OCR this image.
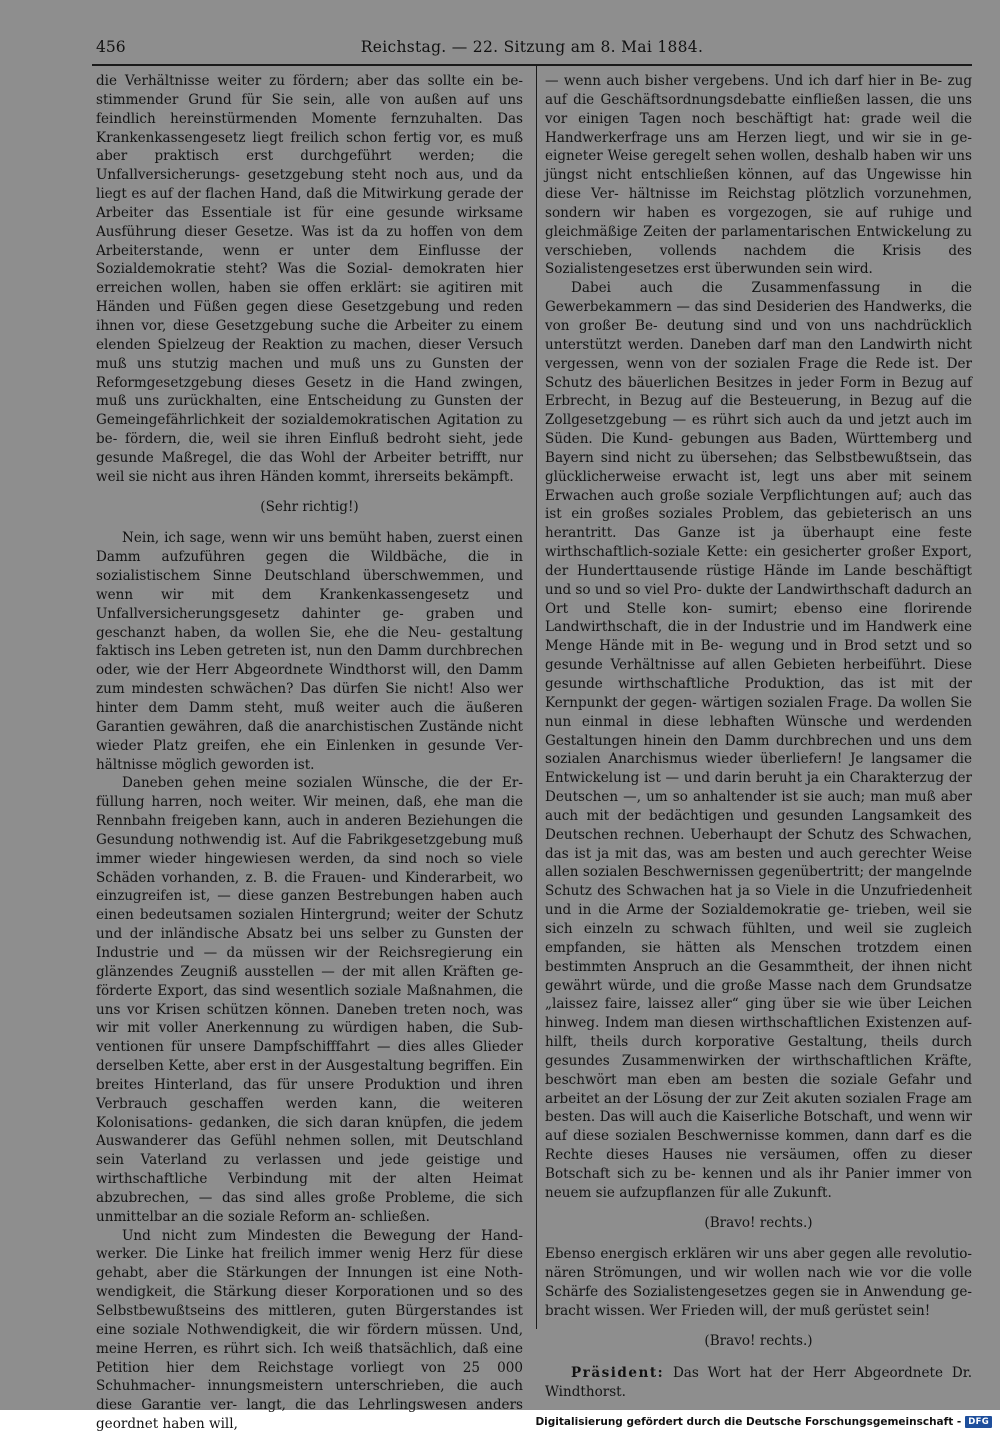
456	Reichstag. — 22. Sitzung am 8. Mai 1884.

die Verhältnisse weiter zu fördern; aber das sollte ein be- stimmender Grund für Sie sein, alle von außen auf uns feindlich hereinstürmenden Momente fernzuhalten. Das Krankenkassengesetz liegt freilich schon fertig vor, es muß aber praktisch erst durchgeführt werden; die Unfallversicherungs- gesetzgebung steht noch aus, und da liegt es auf der flachen Hand, daß die Mitwirkung gerade der Arbeiter das Essentiale ist für eine gesunde wirksame Ausführung dieser Gesetze. Was ist da zu hoffen von dem Arbeiterstande, wenn er unter dem Einflusse der Sozialdemokratie steht? Was die Sozial- demokraten hier erreichen wollen, haben sie offen erklärt: sie agitiren mit Händen und Füßen gegen diese Gesetzgebung und reden ihnen vor, diese Gesetzgebung suche die Arbeiter zu einem elenden Spielzeug der Reaktion zu machen, dieser Versuch muß uns stutzig machen und muß uns zu Gunsten der Reformgesetzgebung dieses Gesetz in die Hand zwingen, muß uns zurückhalten, eine Entscheidung zu Gunsten der Gemeingefährlichkeit der sozialdemokratischen Agitation zu be- fördern, die, weil sie ihren Einfluß bedroht sieht, jede gesunde Maßregel, die das Wohl der Arbeiter betrifft, nur weil sie nicht aus ihren Händen kommt, ihrerseits bekämpft.

(Sehr richtig!)

Nein, ich sage, wenn wir uns bemüht haben, zuerst einen Damm aufzuführen gegen die Wildbäche, die in sozialistischem Sinne Deutschland überschwemmen, und wenn wir mit dem Krankenkassengesetz und Unfallversicherungsgesetz dahinter ge- graben und geschanzt haben, da wollen Sie, ehe die Neu- gestaltung faktisch ins Leben getreten ist, nun den Damm durchbrechen oder, wie der Herr Abgeordnete Windthorst will, den Damm zum mindesten schwächen? Das dürfen Sie nicht! Also wer hinter dem Damm steht, muß weiter auch die äußeren Garantien gewähren, daß die anarchistischen Zustände nicht wieder Platz greifen, ehe ein Einlenken in gesunde Ver- hältnisse möglich geworden ist.

Daneben gehen meine sozialen Wünsche, die der Er- füllung harren, noch weiter. Wir meinen, daß, ehe man die Rennbahn freigeben kann, auch in anderen Beziehungen die Gesundung nothwendig ist. Auf die Fabrikgesetzgebung muß immer wieder hingewiesen werden, da sind noch so viele Schäden vorhanden, z. B. die Frauen- und Kinderarbeit, wo einzugreifen ist, — diese ganzen Bestrebungen haben auch einen bedeutsamen sozialen Hintergrund; weiter der Schutz und der inländische Absatz bei uns selber zu Gunsten der Industrie und — da müssen wir der Reichsregierung ein glänzendes Zeugniß ausstellen — der mit allen Kräften ge- förderte Export, das sind wesentlich soziale Maßnahmen, die uns vor Krisen schützen können. Daneben treten noch, was wir mit voller Anerkennung zu würdigen haben, die Sub- ventionen für unsere Dampfschifffahrt — dies alles Glieder derselben Kette, aber erst in der Ausgestaltung begriffen. Ein breites Hinterland, das für unsere Produktion und ihren Verbrauch geschaffen werden kann, die weiteren Kolonisations- gedanken, die sich daran knüpfen, die jedem Auswanderer das Gefühl nehmen sollen, mit Deutschland sein Vaterland zu verlassen und jede geistige und wirthschaftliche Verbindung mit der alten Heimat abzubrechen, — das sind alles große Probleme, die sich unmittelbar an die soziale Reform an- schließen.

Und nicht zum Mindesten die Bewegung der Hand- werker. Die Linke hat freilich immer wenig Herz für diese gehabt, aber die Stärkungen der Innungen ist eine Noth- wendigkeit, die Stärkung dieser Korporationen und so des Selbstbewußtseins des mittleren, guten Bürgerstandes ist eine soziale Nothwendigkeit, die wir fördern müssen. Und, meine Herren, es rührt sich. Ich weiß thatsächlich, daß eine Petition hier dem Reichstage vorliegt von 25 000 Schuhmacher- innungsmeistern unterschrieben, die auch diese Garantie ver- langt, die das Lehrlingswesen anders geordnet haben will,

— wenn auch bisher vergebens. Und ich darf hier in Be- zug auf die Geschäftsordnungsdebatte einfließen lassen, die uns vor einigen Tagen noch beschäftigt hat: grade weil die Handwerkerfrage uns am Herzen liegt, und wir sie in ge- eigneter Weise geregelt sehen wollen, deshalb haben wir uns jüngst nicht entschließen können, auf das Ungewisse hin diese Ver- hältnisse im Reichstag plötzlich vorzunehmen, sondern wir haben es vorgezogen, sie auf ruhige und gleichmäßige Zeiten der parlamentarischen Entwickelung zu verschieben, vollends nachdem die Krisis des Sozialistengesetzes erst überwunden sein wird.

Dabei auch die Zusammenfassung in die Gewerbekammern — das sind Desiderien des Handwerks, die von großer Be- deutung sind und von uns nachdrücklich unterstützt werden. Daneben darf man den Landwirth nicht vergessen, wenn von der sozialen Frage die Rede ist. Der Schutz des bäuerlichen Besitzes in jeder Form in Bezug auf Erbrecht, in Bezug auf die Besteuerung, in Bezug auf die Zollgesetzgebung — es rührt sich auch da und jetzt auch im Süden. Die Kund- gebungen aus Baden, Württemberg und Bayern sind nicht zu übersehen; das Selbstbewußtsein, das glücklicherweise erwacht ist, legt uns aber mit seinem Erwachen auch große soziale Verpflichtungen auf; auch das ist ein großes soziales Problem, das gebieterisch an uns herantritt. Das Ganze ist ja überhaupt eine feste wirthschaftlich-soziale Kette: ein gesicherter großer Export, der Hunderttausende rüstige Hände im Lande beschäftigt und so und so viel Pro- dukte der Landwirthschaft dadurch an Ort und Stelle kon- sumirt; ebenso eine florirende Landwirthschaft, die in der Industrie und im Handwerk eine Menge Hände mit in Be- wegung und in Brod setzt und so gesunde Verhältnisse auf allen Gebieten herbeiführt. Diese gesunde wirthschaftliche Produktion, das ist mit der Kernpunkt der gegen- wärtigen sozialen Frage. Da wollen Sie nun einmal in diese lebhaften Wünsche und werdenden Gestaltungen hinein den Damm durchbrechen und uns dem sozialen Anarchismus wieder überliefern! Je langsamer die Entwickelung ist — und darin beruht ja ein Charakterzug der Deutschen —, um so anhaltender ist sie auch; man muß aber auch mit der bedächtigen und gesunden Langsamkeit des Deutschen rechnen. Ueberhaupt der Schutz des Schwachen, das ist ja mit das, was am besten und auch gerechter Weise allen sozialen Beschwernissen gegenübertritt; der mangelnde Schutz des Schwachen hat ja so Viele in die Unzufriedenheit und in die Arme der Sozialdemokratie ge- trieben, weil sie sich einzeln zu schwach fühlten, und weil sie zugleich empfanden, sie hätten als Menschen trotzdem einen bestimmten Anspruch an die Gesammtheit, der ihnen nicht gewährt würde, und die große Masse nach dem Grundsatze „laissez faire, laissez aller“ ging über sie wie über Leichen hinweg. Indem man diesen wirthschaftlichen Existenzen auf- hilft, theils durch korporative Gestaltung, theils durch gesundes Zusammenwirken der wirthschaftlichen Kräfte, beschwört man eben am besten die soziale Gefahr und arbeitet an der Lösung der zur Zeit akuten sozialen Frage am besten. Das will auch die Kaiserliche Botschaft, und wenn wir auf diese sozialen Beschwernisse kommen, dann darf es die Rechte dieses Hauses nie versäumen, offen zu dieser Botschaft sich zu be- kennen und als ihr Panier immer von neuem sie aufzupflanzen für alle Zukunft.

(Bravo! rechts.)

Ebenso energisch erklären wir uns aber gegen alle revolutio- nären Strömungen, und wir wollen nach wie vor die volle Schärfe des Sozialistengesetzes gegen sie in Anwendung ge- bracht wissen. Wer Frieden will, der muß gerüstet sein!

(Bravo! rechts.)

Präsident: Das Wort hat der Herr Abgeordnete Dr. Windthorst.

Digitalisierung gefördert durch die Deutsche Forschungsgemeinschaft - DFG
